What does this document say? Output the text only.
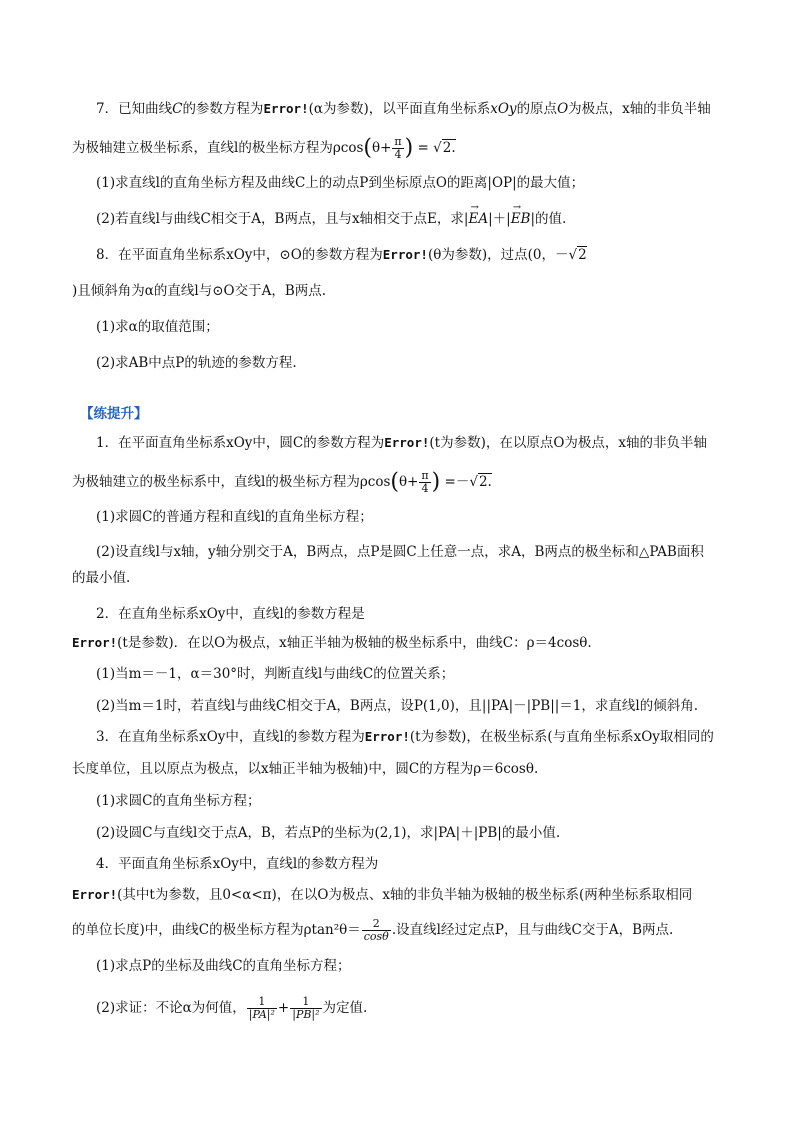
7．已知曲线C的参数方程为Error!(α为参数)，以平面直角坐标系xOy的原点O为极点，x轴的非负半轴
为极轴建立极坐标系，直线l的极坐标方程为$\rho\cos(\theta+ \frac{\pi}{4}$ ) = √2.
(1)求直线l的直角坐标方程及曲线C上的动点P到坐标原点O的距离|OP|的最大值；
(2)若直线l与曲线C相交于A，B两点，且与x轴相交于点E，求|→ EA|＋|→ EB|的值.
8．在平面直角坐标系xOy中，⊙O的参数方程为Error!(θ为参数)，过点(0，－√2
)且倾斜角为α的直线l与⊙O交于A，B两点.
(1)求α的取值范围；
(2)求AB中点P的轨迹的参数方程.
【练提升】
1．在平面直角坐标系xOy中，圆C的参数方程为Error!(t为参数)，在以原点O为极点，x轴的非负半轴
为极轴建立的极坐标系中，直线l的极坐标方程为$\rho\cos(\theta+ \frac{\pi}{4}$ ) =－√2.
(1)求圆C的普通方程和直线l的直角坐标方程；
(2)设直线l与x轴，y轴分别交于A，B两点，点P是圆C上任意一点，求A，B两点的极坐标和△PAB面积
的最小值.
2．在直角坐标系xOy中，直线l的参数方程是
Error!(t是参数)．在以O为极点，x轴正半轴为极轴的极坐标系中，曲线C：ρ＝4cosθ.
(1)当m＝－1，α＝30°时，判断直线l与曲线C的位置关系；
(2)当m＝1时，若直线l与曲线C相交于A，B两点，设P(1,0)，且||PA|－|PB||＝1，求直线l的倾斜角.
3．在直角坐标系xOy中，直线l的参数方程为Error!(t为参数)，在极坐标系(与直角坐标系xOy取相同的
长度单位，且以原点为极点，以x轴正半轴为极轴)中，圆C的方程为ρ＝6cosθ.
(1)求圆C的直角坐标方程；
(2)设圆C与直线l交于点A，B，若点P的坐标为(2,1)，求|PA|＋|PB|的最小值.
4．平面直角坐标系xOy中，直线l的参数方程为
Error!(其中t为参数，且0<α<π)，在以O为极点、x轴的非负半轴为极轴的极坐标系(两种坐标系取相同
的单位长度)中，曲线C的极坐标方程为$\rho\tan^2\theta= \frac{2}{\cos\theta}$ .设直线l经过定点P，且与曲线C交于A，B两点.
(1)求点P的坐标及曲线C的直角坐标方程；
(2)求证：不论α为何值， $\frac{1}{\text{|PA|²}} + \frac{1}{\text{|PB|²}}$ 为定值.
